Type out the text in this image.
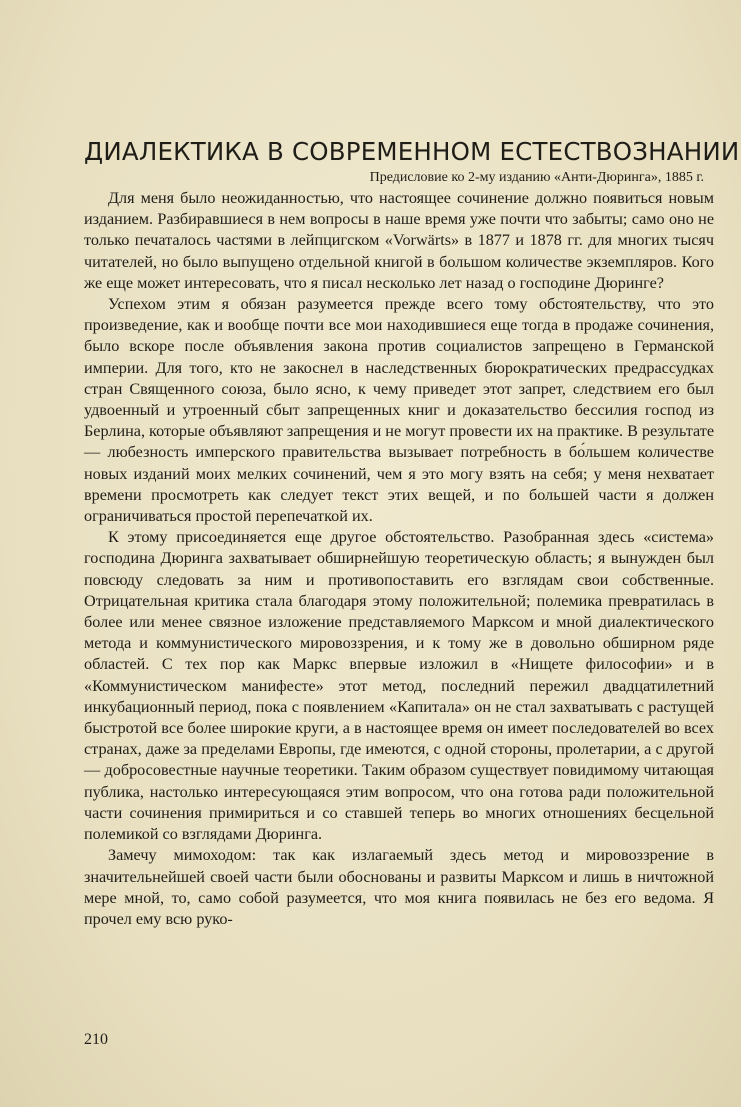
ДИАЛЕКТИКА В СОВРЕМЕННОМ ЕСТЕСТВОЗНАНИИ

Предисловие ко 2-му изданию «Анти-Дюринга», 1885 г.

Для меня было неожиданностью, что настоящее сочинение должно появиться новым изданием. Разбиравшиеся в нем вопросы в наше время уже почти что забыты; само оно не только печаталось частями в лейпцигском «Vorwärts» в 1877 и 1878 гг. для многих тысяч читателей, но было выпущено отдельной книгой в большом количестве экземпляров. Кого же еще может интересовать, что я писал несколько лет назад о господине Дюринге?

Успехом этим я обязан разумеется прежде всего тому обстоятельству, что это произведение, как и вообще почти все мои находившиеся еще тогда в продаже сочинения, было вскоре после объявления закона против социалистов запрещено в Германской империи. Для того, кто не закоснел в наследственных бюрократических предрассудках стран Священного союза, было ясно, к чему приведет этот запрет, следствием его был удвоенный и утроенный сбыт запрещенных книг и доказательство бессилия господ из Берлина, которые объявляют запрещения и не могут провести их на практике. В результате — любезность имперского правительства вызывает потребность в бо́льшем количестве новых изданий моих мелких сочинений, чем я это могу взять на себя; у меня нехватает времени просмотреть как следует текст этих вещей, и по большей части я должен ограничиваться простой перепечаткой их.

К этому присоединяется еще другое обстоятельство. Разобранная здесь «система» господина Дюринга захватывает обширнейшую теоретическую область; я вынужден был повсюду следовать за ним и противопоставить его взглядам свои собственные. Отрицательная критика стала благодаря этому положительной; полемика превратилась в более или менее связное изложение представляемого Марксом и мной диалектического метода и коммунистического мировоззрения, и к тому же в довольно обширном ряде областей. С тех пор как Маркс впервые изложил в «Нищете философии» и в «Коммунистическом манифесте» этот метод, последний пережил двадцатилетний инкубационный период, пока с появлением «Капитала» он не стал захватывать с растущей быстротой все более широкие круги, а в настоящее время он имеет последователей во всех странах, даже за пределами Европы, где имеются, с одной стороны, пролетарии, а с другой — добросовестные научные теоретики. Таким образом существует повидимому читающая публика, настолько интересующаяся этим вопросом, что она готова ради положительной части сочинения примириться и со ставшей теперь во многих отношениях бесцельной полемикой со взглядами Дюринга.

Замечу мимоходом: так как излагаемый здесь метод и мировоззрение в значительнейшей своей части были обоснованы и развиты Марксом и лишь в ничтожной мере мной, то, само собой разумеется, что моя книга появилась не без его ведома. Я прочел ему всю руко-

210
